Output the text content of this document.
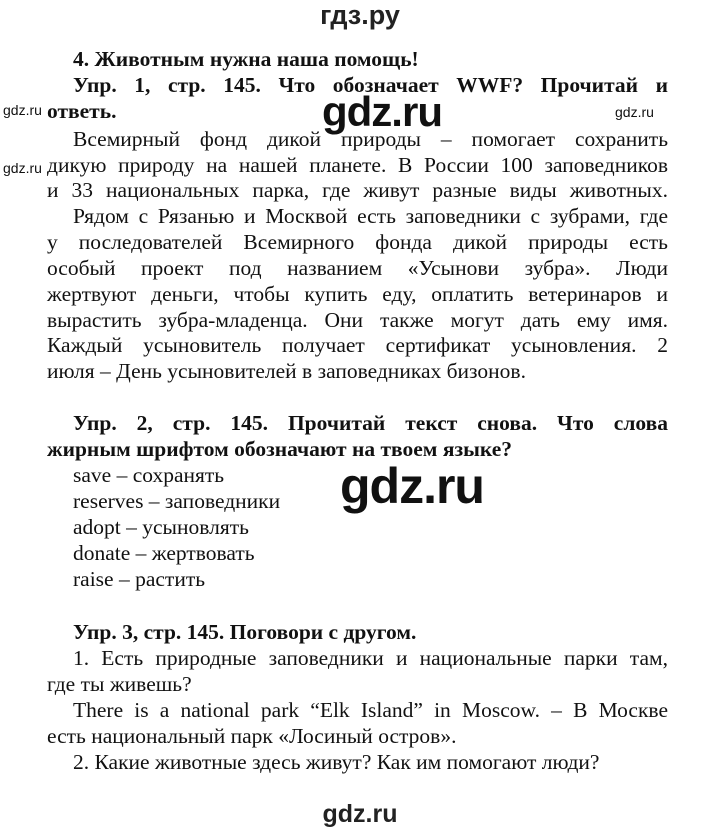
гдз.ру
4. Животным нужна наша помощь!
Упр. 1, стр. 145. Что обозначает WWF? Прочитай и
ответь.	gdz.ru
gdz.ru	gdz.ru
gdz.ru
Всемирный фонд дикой природы – помогает сохранить
дикую природу на нашей планете. В России 100 заповедников
и 33 национальных парка, где живут разные виды животных.
Рядом с Рязанью и Москвой есть заповедники с зубрами, где
у последователей Всемирного фонда дикой природы есть
особый проект под названием «Усынови зубра». Люди
жертвуют деньги, чтобы купить еду, оплатить ветеринаров и
вырастить зубра-младенца. Они также могут дать ему имя.
Каждый усыновитель получает сертификат усыновления. 2
июля – День усыновителей в заповедниках бизонов.
Упр. 2, стр. 145. Прочитай текст снова. Что слова
жирным шрифтом обозначают на твоем языке?
gdz.ru
save – сохранять
reserves – заповедники
adopt – усыновлять
donate – жертвовать
raise – растить
Упр. 3, стр. 145. Поговори с другом.
1. Есть природные заповедники и национальные парки там,
где ты живешь?
There is a national park “Elk Island” in Moscow. – В Москве
есть национальный парк «Лосиный остров».
2. Какие животные здесь живут? Как им помогают люди?
gdz.ru
